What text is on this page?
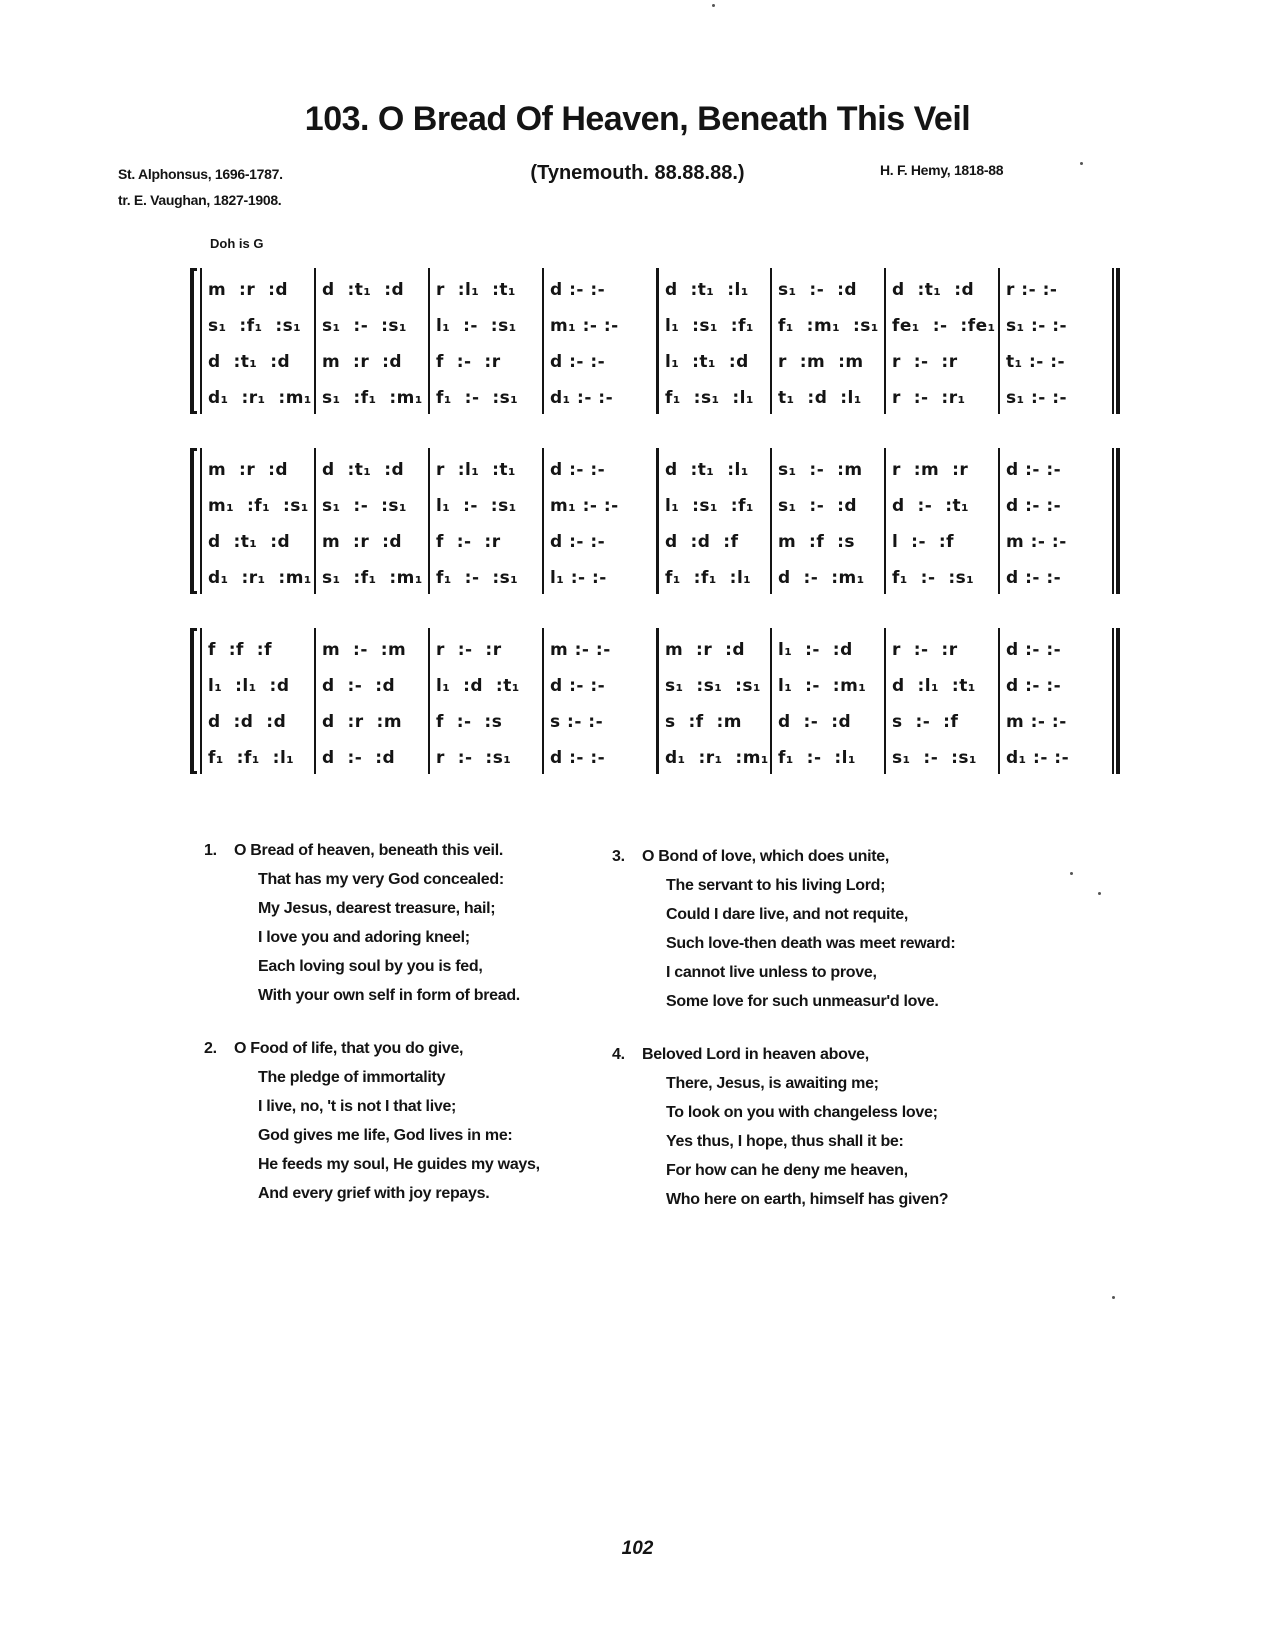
103. O Bread Of Heaven, Beneath This Veil
St. Alphonsus, 1696-1787.
tr. E. Vaughan, 1827-1908.
(Tynemouth. 88.88.88.)	H. F. Hemy, 1818-88
Doh is G
m  :r  :d
s₁  :f₁  :s₁
d  :t₁  :d
d₁  :r₁  :m₁
d  :t₁  :d
s₁  :-  :s₁
m  :r  :d
s₁  :f₁  :m₁
r  :l₁  :t₁
l₁  :-  :s₁
f  :-  :r
f₁  :-  :s₁
d :- :-
m₁ :- :-
d :- :-
d₁ :- :-
d  :t₁  :l₁
l₁  :s₁  :f₁
l₁  :t₁  :d
f₁  :s₁  :l₁
s₁  :-  :d
f₁  :m₁  :s₁
r  :m  :m
t₁  :d  :l₁
d  :t₁  :d
fe₁  :-  :fe₁
r  :-  :r
r  :-  :r₁
r :- :-
s₁ :- :-
t₁ :- :-
s₁ :- :-
m  :r  :d
m₁  :f₁  :s₁
d  :t₁  :d
d₁  :r₁  :m₁
d  :t₁  :d
s₁  :-  :s₁
m  :r  :d
s₁  :f₁  :m₁
r  :l₁  :t₁
l₁  :-  :s₁
f  :-  :r
f₁  :-  :s₁
d :- :-
m₁ :- :-
d :- :-
l₁ :- :-
d  :t₁  :l₁
l₁  :s₁  :f₁
d  :d  :f
f₁  :f₁  :l₁
s₁  :-  :m
s₁  :-  :d
m  :f  :s
d  :-  :m₁
r  :m  :r
d  :-  :t₁
l  :-  :f
f₁  :-  :s₁
d :- :-
d :- :-
m :- :-
d :- :-
f  :f  :f
l₁  :l₁  :d
d  :d  :d
f₁  :f₁  :l₁
m  :-  :m
d  :-  :d
d  :r  :m
d  :-  :d
r  :-  :r
l₁  :d  :t₁
f  :-  :s
r  :-  :s₁
m :- :-
d :- :-
s :- :-
d :- :-
m  :r  :d
s₁  :s₁  :s₁
s  :f  :m
d₁  :r₁  :m₁
l₁  :-  :d
l₁  :-  :m₁
d  :-  :d
f₁  :-  :l₁
r  :-  :r
d  :l₁  :t₁
s  :-  :f
s₁  :-  :s₁
d :- :-
d :- :-
m :- :-
d₁ :- :-
1. O Bread of heaven, beneath this veil.
That has my very God concealed:
My Jesus, dearest treasure, hail;
I love you and adoring kneel;
Each loving soul by you is fed,
With your own self in form of bread.
2. O Food of life, that you do give,
The pledge of immortality
I live, no, 't is not I that live;
God gives me life, God lives in me:
He feeds my soul, He guides my ways,
And every grief with joy repays.
3. O Bond of love, which does unite,
The servant to his living Lord;
Could I dare live, and not requite,
Such love-then death was meet reward:
I cannot live unless to prove,
Some love for such unmeasur'd love.
4. Beloved Lord in heaven above,
There, Jesus, is awaiting me;
To look on you with changeless love;
Yes thus, I hope, thus shall it be:
For how can he deny me heaven,
Who here on earth, himself has given?
102
